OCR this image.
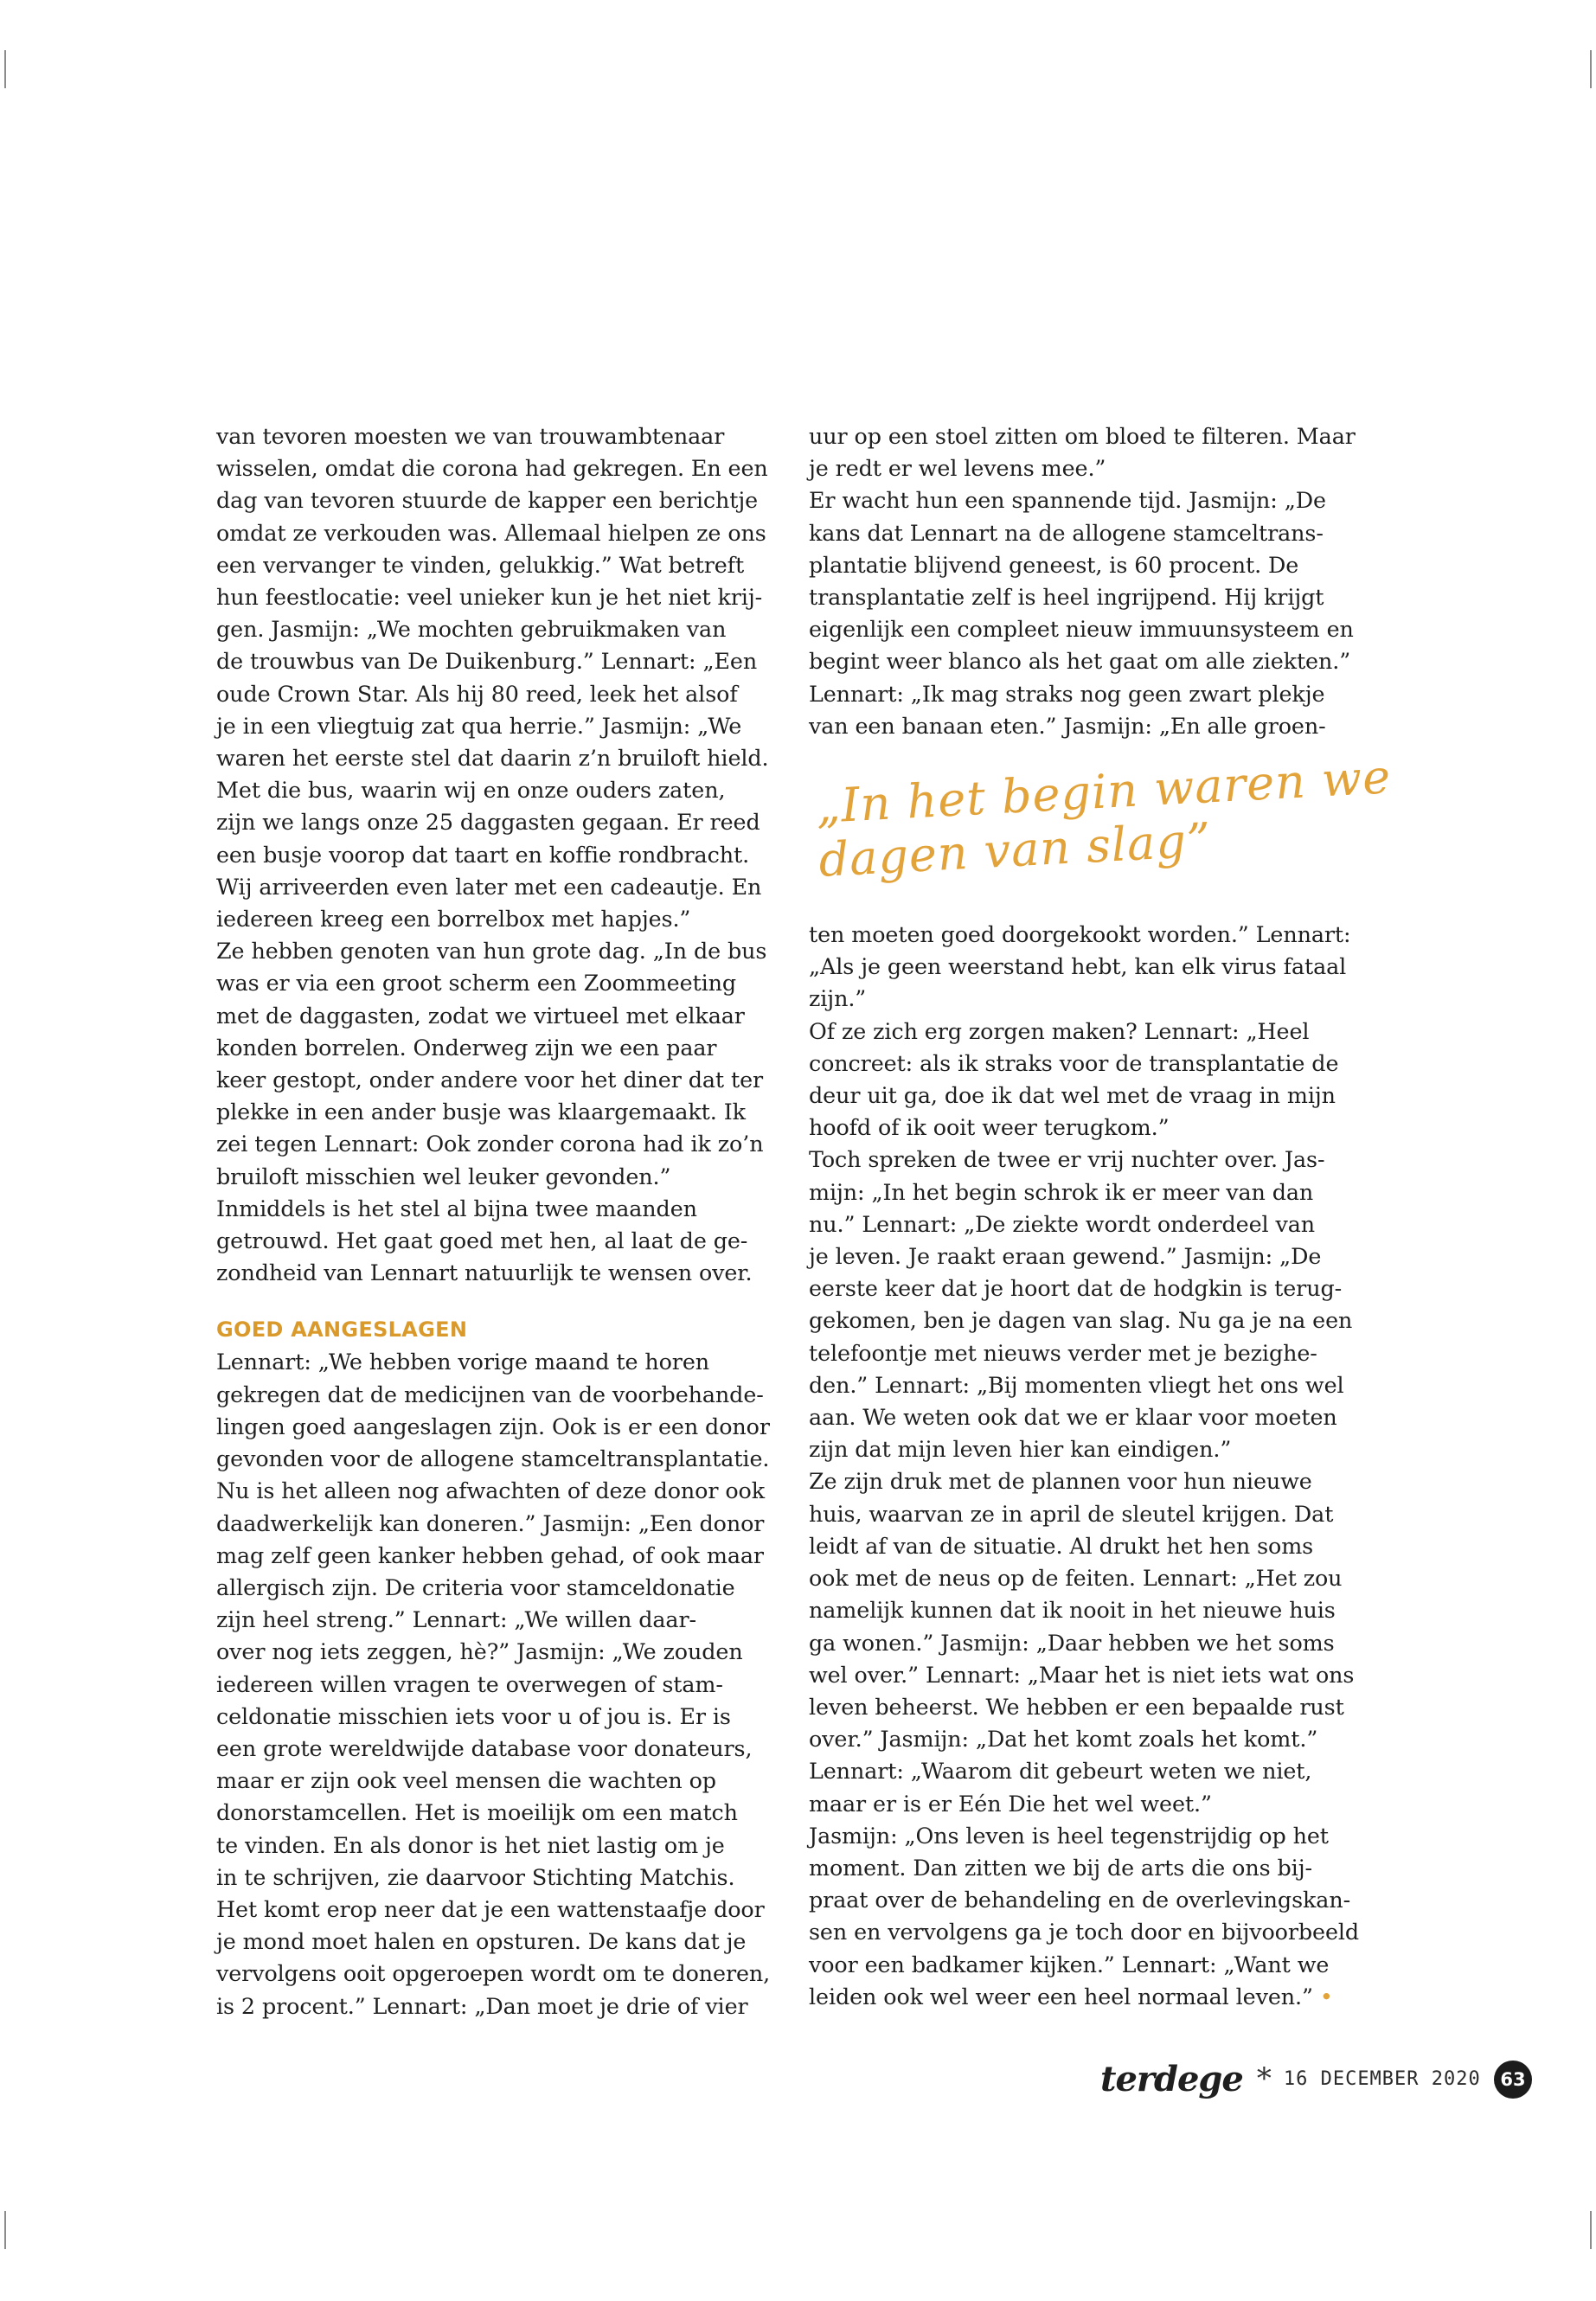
van tevoren moesten we van trouwambtenaar

wisselen, omdat die corona had gekregen. En een

dag van tevoren stuurde de kapper een berichtje

omdat ze verkouden was. Allemaal hielpen ze ons

een vervanger te vinden, gelukkig.” Wat betreft

hun feestlocatie: veel unieker kun je het niet krij-

gen. Jasmijn: „We mochten gebruikmaken van

de trouwbus van De Duikenburg.” Lennart: „Een

oude Crown Star. Als hij 80 reed, leek het alsof

je in een vliegtuig zat qua herrie.” Jasmijn: „We

waren het eerste stel dat daarin z’n bruiloft hield.

Met die bus, waarin wij en onze ouders zaten,

zijn we langs onze 25 daggasten gegaan. Er reed

een busje voorop dat taart en koffie rondbracht.

Wij arriveerden even later met een cadeautje. En

iedereen kreeg een borrelbox met hapjes.”

Ze hebben genoten van hun grote dag. „In de bus

was er via een groot scherm een Zoommeeting

met de daggasten, zodat we virtueel met elkaar

konden borrelen. Onderweg zijn we een paar

keer gestopt, onder andere voor het diner dat ter

plekke in een ander busje was klaargemaakt. Ik

zei tegen Lennart: Ook zonder corona had ik zo’n

bruiloft misschien wel leuker gevonden.”

Inmiddels is het stel al bijna twee maanden

getrouwd. Het gaat goed met hen, al laat de ge-

zondheid van Lennart natuurlijk te wensen over.

GOED AANGESLAGEN

Lennart: „We hebben vorige maand te horen

gekregen dat de medicijnen van de voorbehande-

lingen goed aangeslagen zijn. Ook is er een donor

gevonden voor de allogene stamceltransplantatie.

Nu is het alleen nog afwachten of deze donor ook

daadwerkelijk kan doneren.” Jasmijn: „Een donor

mag zelf geen kanker hebben gehad, of ook maar

allergisch zijn. De criteria voor stamceldonatie

zijn heel streng.” Lennart: „We willen daar-

over nog iets zeggen, hè?” Jasmijn: „We zouden

iedereen willen vragen te overwegen of stam-

celdonatie misschien iets voor u of jou is. Er is

een grote wereldwijde database voor donateurs,

maar er zijn ook veel mensen die wachten op

donorstamcellen. Het is moeilijk om een match

te vinden. En als donor is het niet lastig om je

in te schrijven, zie daarvoor Stichting Matchis.

Het komt erop neer dat je een wattenstaafje door

je mond moet halen en opsturen. De kans dat je

vervolgens ooit opgeroepen wordt om te doneren,

is 2 procent.” Lennart: „Dan moet je drie of vier

uur op een stoel zitten om bloed te filteren. Maar

je redt er wel levens mee.”

Er wacht hun een spannende tijd. Jasmijn: „De

kans dat Lennart na de allogene stamceltrans-

plantatie blijvend geneest, is 60 procent. De

transplantatie zelf is heel ingrijpend. Hij krijgt

eigenlijk een compleet nieuw immuunsysteem en

begint weer blanco als het gaat om alle ziekten.”

Lennart: „Ik mag straks nog geen zwart plekje

van een banaan eten.” Jasmijn: „En alle groen-

„In het begin waren we
dagen van slag”

ten moeten goed doorgekookt worden.” Lennart:

„Als je geen weerstand hebt, kan elk virus fataal

zijn.”

Of ze zich erg zorgen maken? Lennart: „Heel

concreet: als ik straks voor de transplantatie de

deur uit ga, doe ik dat wel met de vraag in mijn

hoofd of ik ooit weer terugkom.”

Toch spreken de twee er vrij nuchter over. Jas-

mijn: „In het begin schrok ik er meer van dan

nu.” Lennart: „De ziekte wordt onderdeel van

je leven. Je raakt eraan gewend.” Jasmijn: „De

eerste keer dat je hoort dat de hodgkin is terug-

gekomen, ben je dagen van slag. Nu ga je na een

telefoontje met nieuws verder met je bezighe-

den.” Lennart: „Bij momenten vliegt het ons wel

aan. We weten ook dat we er klaar voor moeten

zijn dat mijn leven hier kan eindigen.”

Ze zijn druk met de plannen voor hun nieuwe

huis, waarvan ze in april de sleutel krijgen. Dat

leidt af van de situatie. Al drukt het hen soms

ook met de neus op de feiten. Lennart: „Het zou

namelijk kunnen dat ik nooit in het nieuwe huis

ga wonen.” Jasmijn: „Daar hebben we het soms

wel over.” Lennart: „Maar het is niet iets wat ons

leven beheerst. We hebben er een bepaalde rust

over.” Jasmijn: „Dat het komt zoals het komt.”

Lennart: „Waarom dit gebeurt weten we niet,

maar er is er Eén Die het wel weet.”

Jasmijn: „Ons leven is heel tegenstrijdig op het

moment. Dan zitten we bij de arts die ons bij-

praat over de behandeling en de overlevingskan-

sen en vervolgens ga je toch door en bijvoorbeeld

voor een badkamer kijken.” Lennart: „Want we

leiden ook wel weer een heel normaal leven.” •

terdege * 16 DECEMBER 2020	63
